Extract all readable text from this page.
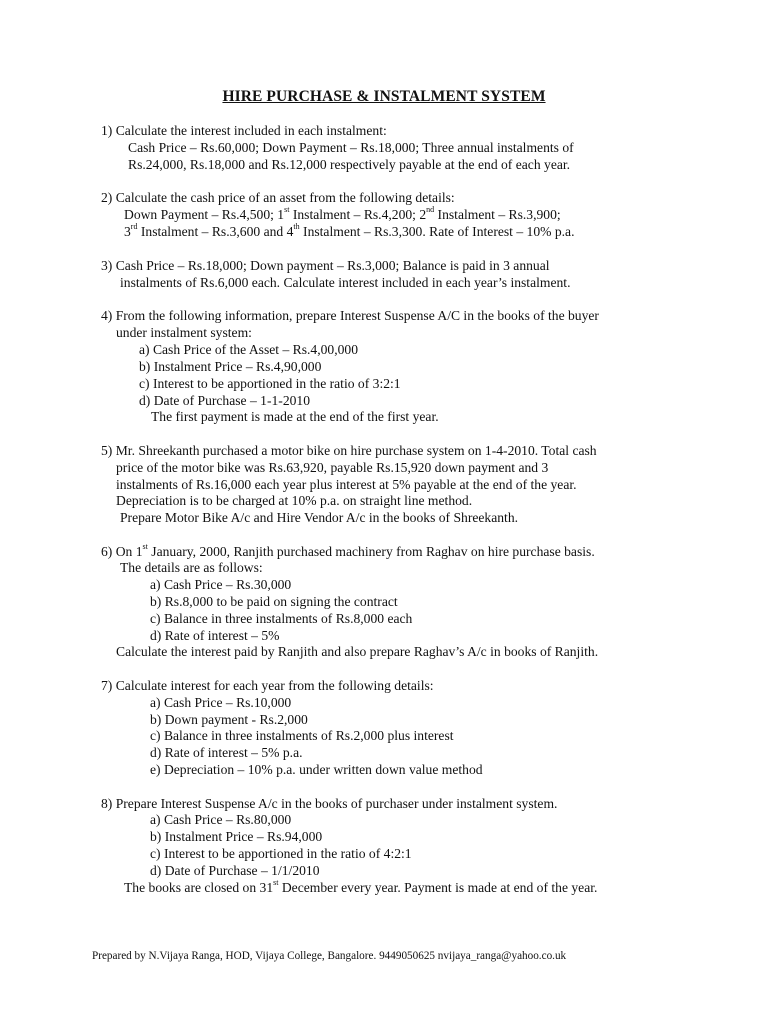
HIRE PURCHASE & INSTALMENT SYSTEM
1) Calculate the interest included in each instalment:
Cash Price – Rs.60,000; Down Payment – Rs.18,000; Three annual instalments of
Rs.24,000, Rs.18,000 and Rs.12,000 respectively payable at the end of each year.
2) Calculate the cash price of an asset from the following details:
Down Payment – Rs.4,500; 1st Instalment – Rs.4,200; 2nd Instalment – Rs.3,900;
3rd Instalment – Rs.3,600 and 4th Instalment – Rs.3,300. Rate of Interest – 10% p.a.
3) Cash Price – Rs.18,000; Down payment – Rs.3,000; Balance is paid in 3 annual
instalments of Rs.6,000 each. Calculate interest included in each year’s instalment.
4) From the following information, prepare Interest Suspense A/C in the books of the buyer
under instalment system:
a) Cash Price of the Asset – Rs.4,00,000
b) Instalment Price – Rs.4,90,000
c) Interest to be apportioned in the ratio of 3:2:1
d) Date of Purchase – 1-1-2010
The first payment is made at the end of the first year.
5) Mr. Shreekanth purchased a motor bike on hire purchase system on 1-4-2010. Total cash
price of the motor bike was Rs.63,920, payable Rs.15,920 down payment and 3
instalments of Rs.16,000 each year plus interest at 5% payable at the end of the year.
Depreciation is to be charged at 10% p.a. on straight line method.
Prepare Motor Bike A/c and Hire Vendor A/c in the books of Shreekanth.
6) On 1st January, 2000, Ranjith purchased machinery from Raghav on hire purchase basis.
The details are as follows:
a) Cash Price – Rs.30,000
b) Rs.8,000 to be paid on signing the contract
c) Balance in three instalments of Rs.8,000 each
d) Rate of interest – 5%
Calculate the interest paid by Ranjith and also prepare Raghav’s A/c in books of Ranjith.
7) Calculate interest for each year from the following details:
a) Cash Price – Rs.10,000
b) Down payment - Rs.2,000
c) Balance in three instalments of Rs.2,000 plus interest
d) Rate of interest – 5% p.a.
e) Depreciation – 10% p.a. under written down value method
8) Prepare Interest Suspense A/c in the books of purchaser under instalment system.
a) Cash Price – Rs.80,000
b) Instalment Price – Rs.94,000
c) Interest to be apportioned in the ratio of 4:2:1
d) Date of Purchase – 1/1/2010
The books are closed on 31st December every year. Payment is made at end of the year.
Prepared by N.Vijaya Ranga, HOD, Vijaya College, Bangalore. 9449050625 nvijaya_ranga@yahoo.co.uk
